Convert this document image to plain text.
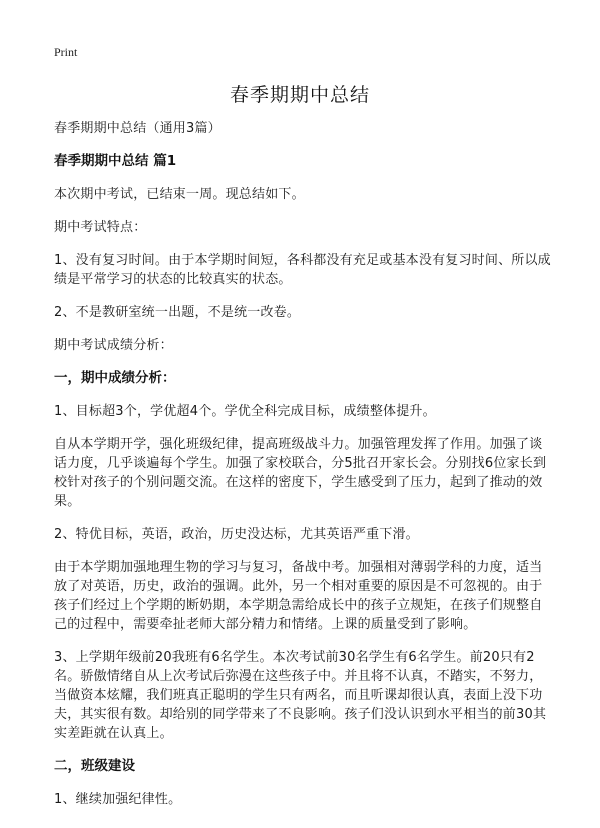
Print
春季期期中总结

春季期期中总结（通用3篇）

春季期期中总结 篇1

本次期中考试，已结束一周。现总结如下。

期中考试特点：

1、没有复习时间。由于本学期时间短，各科都没有充足或基本没有复习时间、所以成绩是平常学习的状态的比较真实的状态。

2、不是教研室统一出题，不是统一改卷。

期中考试成绩分析：

一，期中成绩分析：

1、目标超3个，学优超4个。学优全科完成目标，成绩整体提升。

自从本学期开学，强化班级纪律，提高班级战斗力。加强管理发挥了作用。加强了谈话力度，几乎谈遍每个学生。加强了家校联合，分5批召开家长会。分别找6位家长到校针对孩子的个别问题交流。在这样的密度下，学生感受到了压力，起到了推动的效果。

2、特优目标，英语，政治，历史没达标，尤其英语严重下滑。

由于本学期加强地理生物的学习与复习，备战中考。加强相对薄弱学科的力度，适当放了对英语，历史，政治的强调。此外，另一个相对重要的原因是不可忽视的。由于孩子们经过上个学期的断奶期，本学期急需给成长中的孩子立规矩，在孩子们规整自己的过程中，需要牵扯老师大部分精力和情绪。上课的质量受到了影响。

3、上学期年级前20我班有6名学生。本次考试前30名学生有6名学生。前20只有2名。骄傲情绪自从上次考试后弥漫在这些孩子中。并且将不认真，不踏实，不努力，当做资本炫耀，我们班真正聪明的学生只有两名，而且听课却很认真，表面上没下功夫，其实很有数。却给别的同学带来了不良影响。孩子们没认识到水平相当的前30其实差距就在认真上。

二，班级建设

1、继续加强纪律性。
